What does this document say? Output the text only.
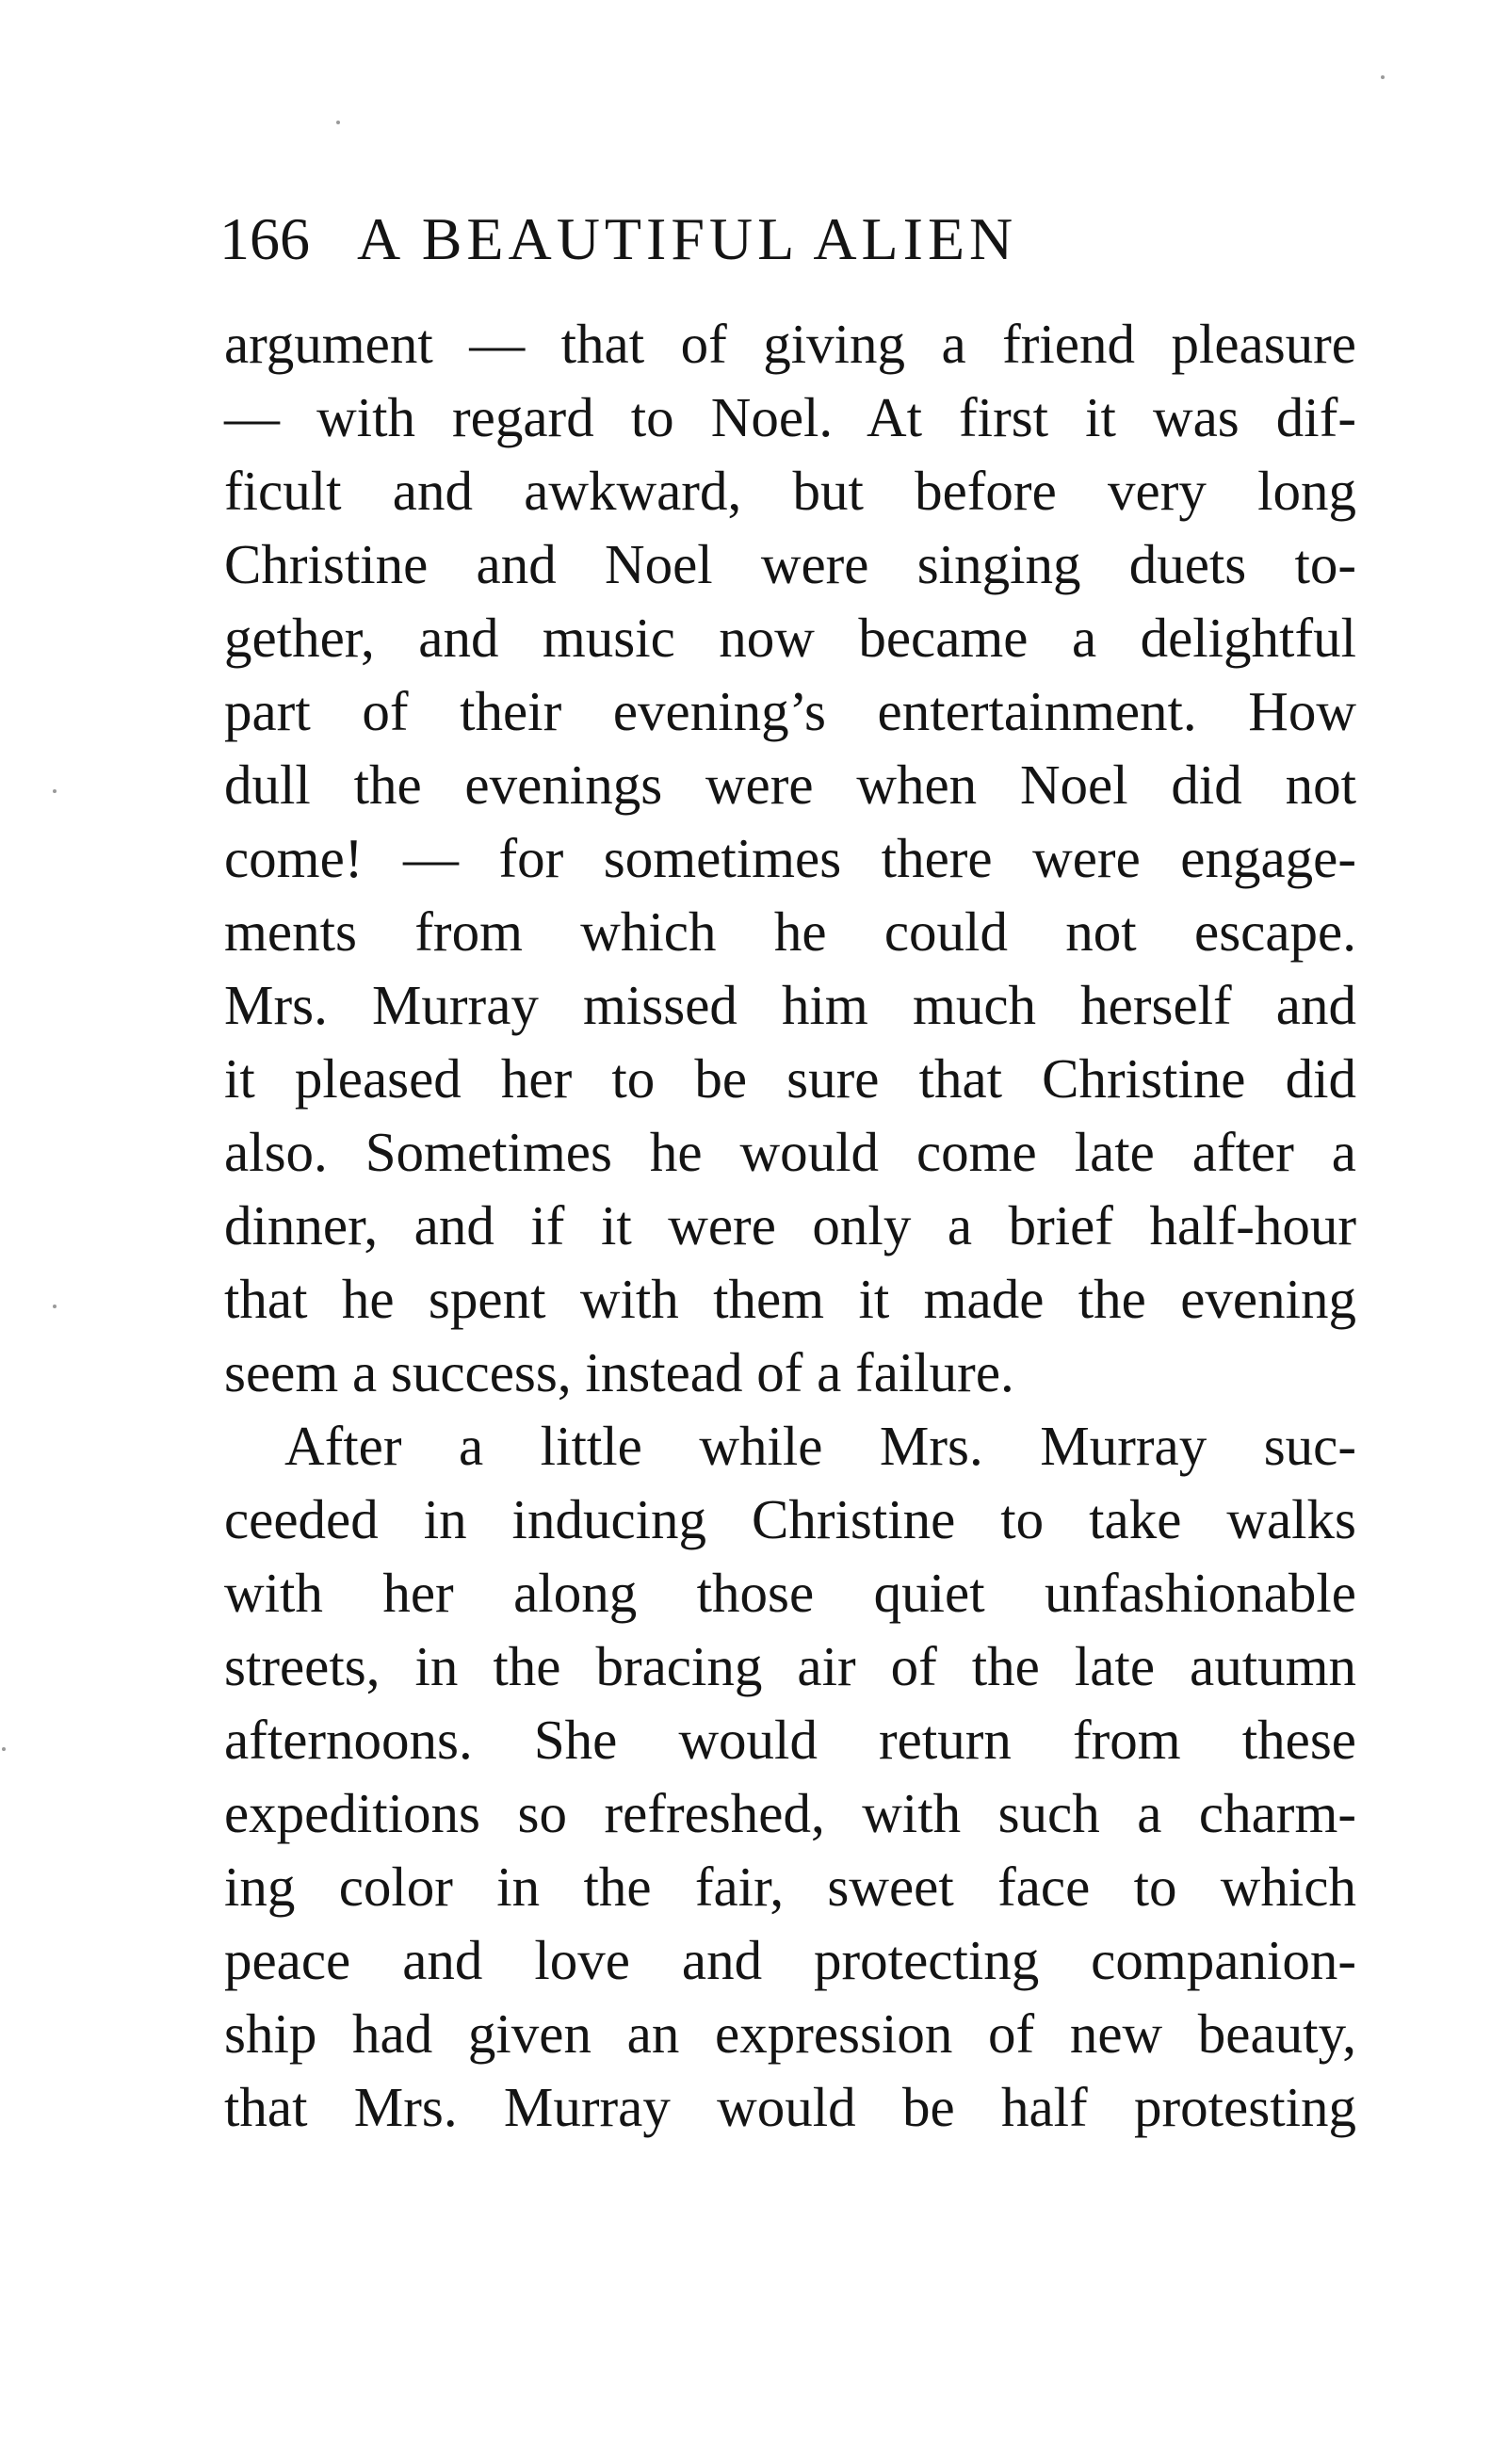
166 A BEAUTIFUL ALIEN
argument — that of giving a friend pleasure
— with regard to Noel. At first it was dif-
ficult and awkward, but before very long
Christine and Noel were singing duets to-
gether, and music now became a delightful
part of their evening’s entertainment. How
dull the evenings were when Noel did not
come! — for sometimes there were engage-
ments from which he could not escape.
Mrs. Murray missed him much herself and
it pleased her to be sure that Christine did
also. Sometimes he would come late after a
dinner, and if it were only a brief half-hour
that he spent with them it made the evening
seem a success, instead of a failure.
After a little while Mrs. Murray suc-
ceeded in inducing Christine to take walks
with her along those quiet unfashionable
streets, in the bracing air of the late autumn
afternoons. She would return from these
expeditions so refreshed, with such a charm-
ing color in the fair, sweet face to which
peace and love and protecting companion-
ship had given an expression of new beauty,
that Mrs. Murray would be half protesting
